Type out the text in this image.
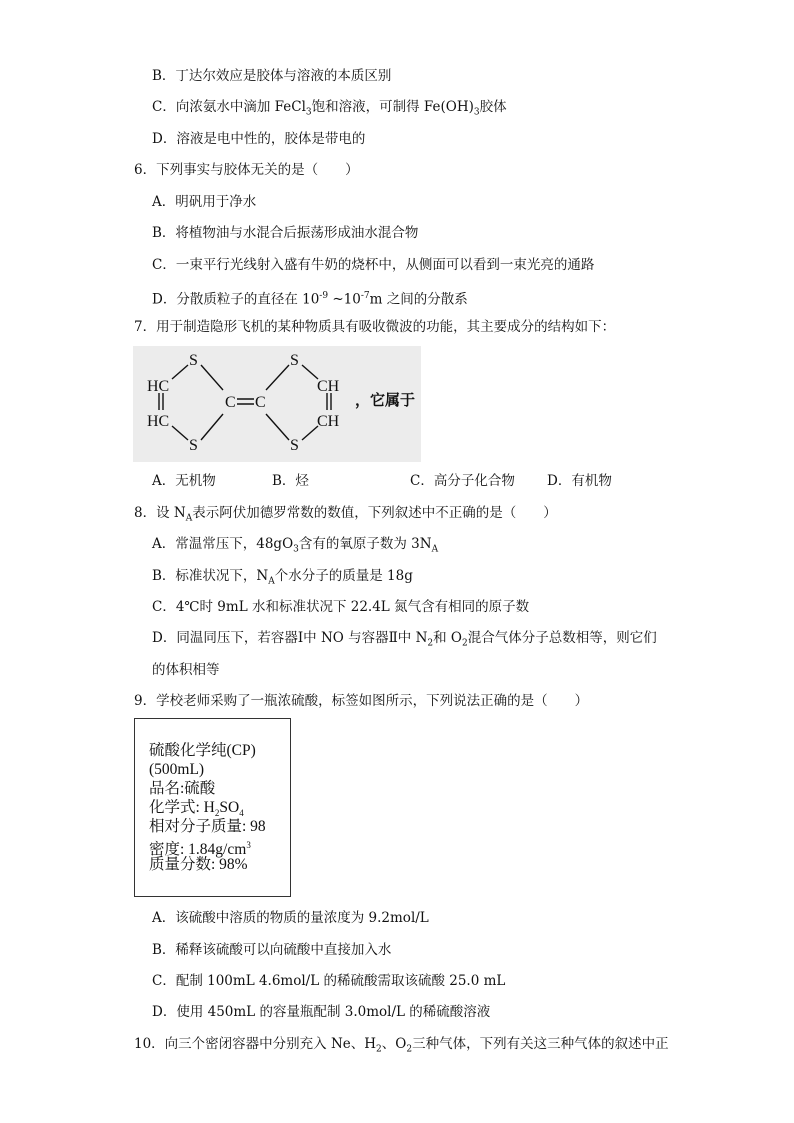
B．丁达尔效应是胶体与溶液的本质区别
C．向浓氨水中滴加 FeCl$_3$饱和溶液，可制得 $Fe(OH)_3$胶体
D．溶液是电中性的，胶体是带电的
6．下列事实与胶体无关的是（　　）
A．明矾用于净水
B．将植物油与水混合后振荡形成油水混合物
C．一束平行光线射入盛有牛奶的烧杯中，从侧面可以看到一束光亮的通路
D．分散质粒子的直径在 $10^{-9}$ $\sim 10^{-7}m$ 之间的分散系
7．用于制造隐形飞机的某种物质具有吸收微波的功能，其主要成分的结构如下：
S
S
S
S
HC
HC
CH
CH
C C	，它属于
A．无机物	B．烃	C．高分子化合物 D．有机物
8．设 $N_A$表示阿伏加德罗常数的数值，下列叙述中不正确的是（　　）
A．常温常压下，$48gO_3$含有的氧原子数为 $3N_A$
B．标准状况下，$N_A$个水分子的质量是 18g
C．4℃时 9mL 水和标准状况下 22.4L 氮气含有相同的原子数
D．同温同压下，若容器Ⅰ中 NO 与容器Ⅱ中 $N_2$和 $O_2$混合气体分子总数相等，则它们
的体积相等
9．学校老师采购了一瓶浓硫酸，标签如图所示，下列说法正确的是（　　）
硫酸化学纯(CP)
(500mL)
品名:硫酸
化学式: $H_2SO_4$
相对分子质量: 98
密度: $1.84g/cm^3$
质量分数: 98%
A．该硫酸中溶质的物质的量浓度为 9.2mol/L
B．稀释该硫酸可以向硫酸中直接加入水
C．配制 100mL 4.6mol/L 的稀硫酸需取该硫酸 25.0 mL
D．使用 450mL 的容量瓶配制 3.0mol/L 的稀硫酸溶液
10．向三个密闭容器中分别充入 Ne、$H_2$、$O_2$三种气体，下列有关这三种气体的叙述中正
